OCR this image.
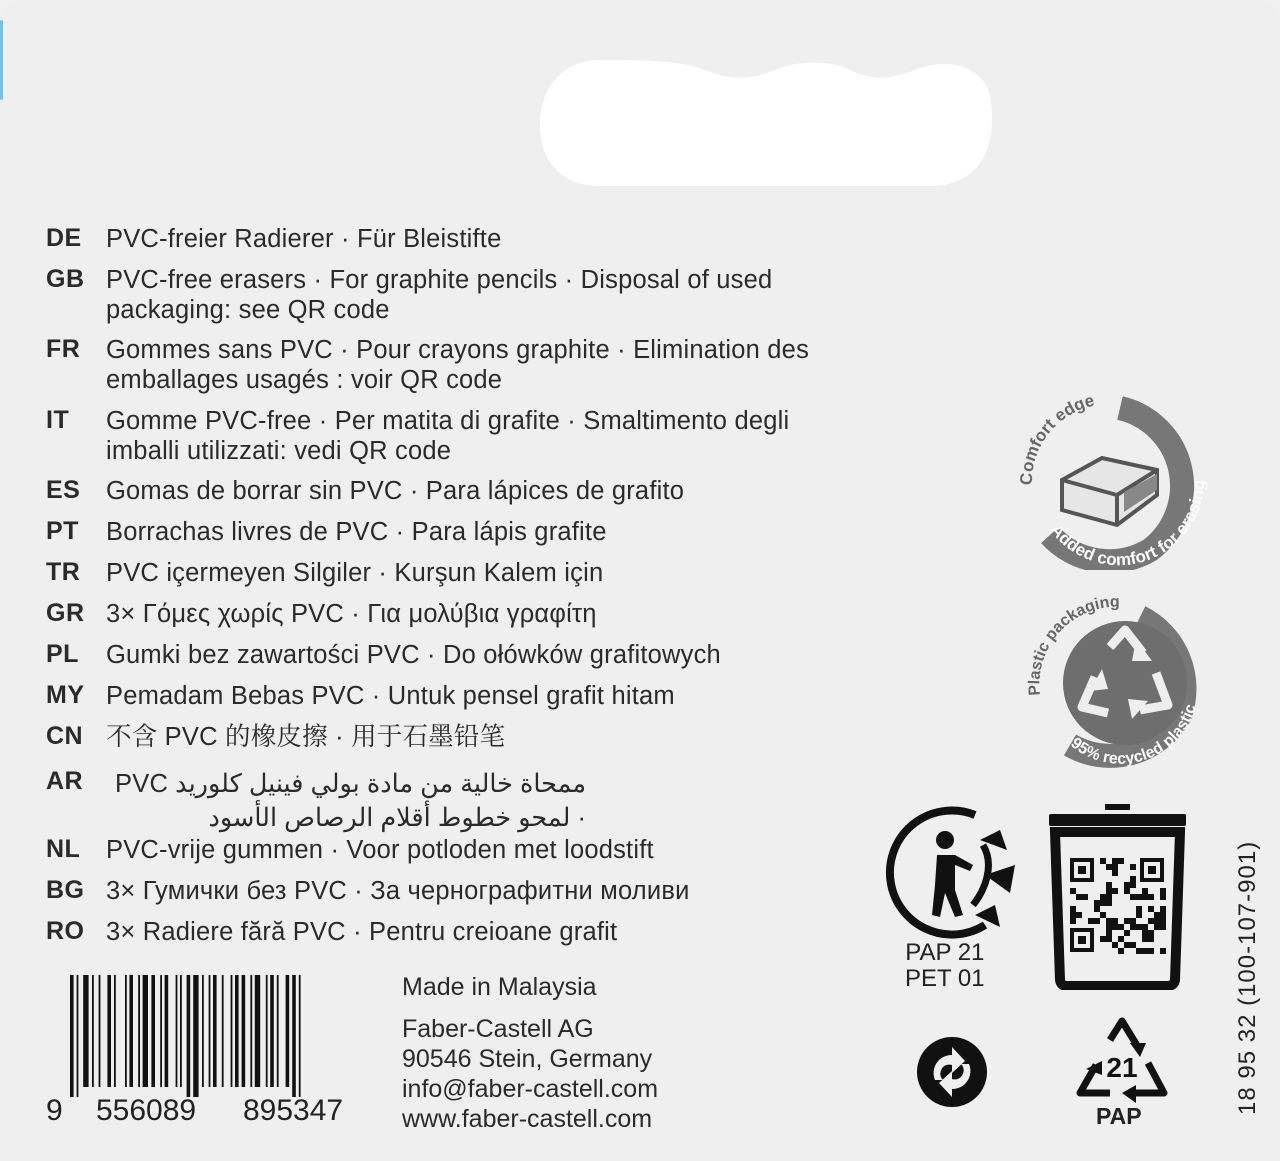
DE PVC-freier Radierer · Für Bleistifte
GB PVC-free erasers · For graphite pencils · Disposal of used
packaging: see QR code
FR	Gommes sans PVC · Pour crayons graphite · Elimination des
emballages usagés : voir QR code
IT	Gomme PVC-free · Per matita di grafite · Smaltimento degli
imballi utilizzati: vedi QR code
ES	Gomas de borrar sin PVC · Para lápices de grafito
PT	Borrachas livres de PVC · Para lápis grafite
TR	PVC içermeyen Silgiler · Kurşun Kalem için
GR 3× Γόμες χωρίς PVC · Για μολύβια γραφίτη
PL	Gumki bez zawartości PVC · Do ołówków grafitowych
MY Pemadam Bebas PVC · Untuk pensel grafit hitam
CN 不含 PVC 的橡皮擦 · 用于石墨铅笔
AR	ممحاة خالية من مادة بولي فينيل كلوريد PVC
· لمحو خطوط أقلام الرصاص الأسود
NL	PVC-vrije gummen · Voor potloden met loodstift
BG 3× Гумички без PVC · За чернографитни моливи
RO 3× Radiere fără PVC · Pentru creioane grafit
9 556089 895347
Made in Malaysia
Faber-Castell AG
90546 Stein, Germany
info@faber-castell.com
www.faber-castell.com
Comfort edge
Added comfort for erasing
Plastic packaging
95% recycled plastic
PAP 21
PET 01
21
PAP
18 95 32 (100-107-901)
